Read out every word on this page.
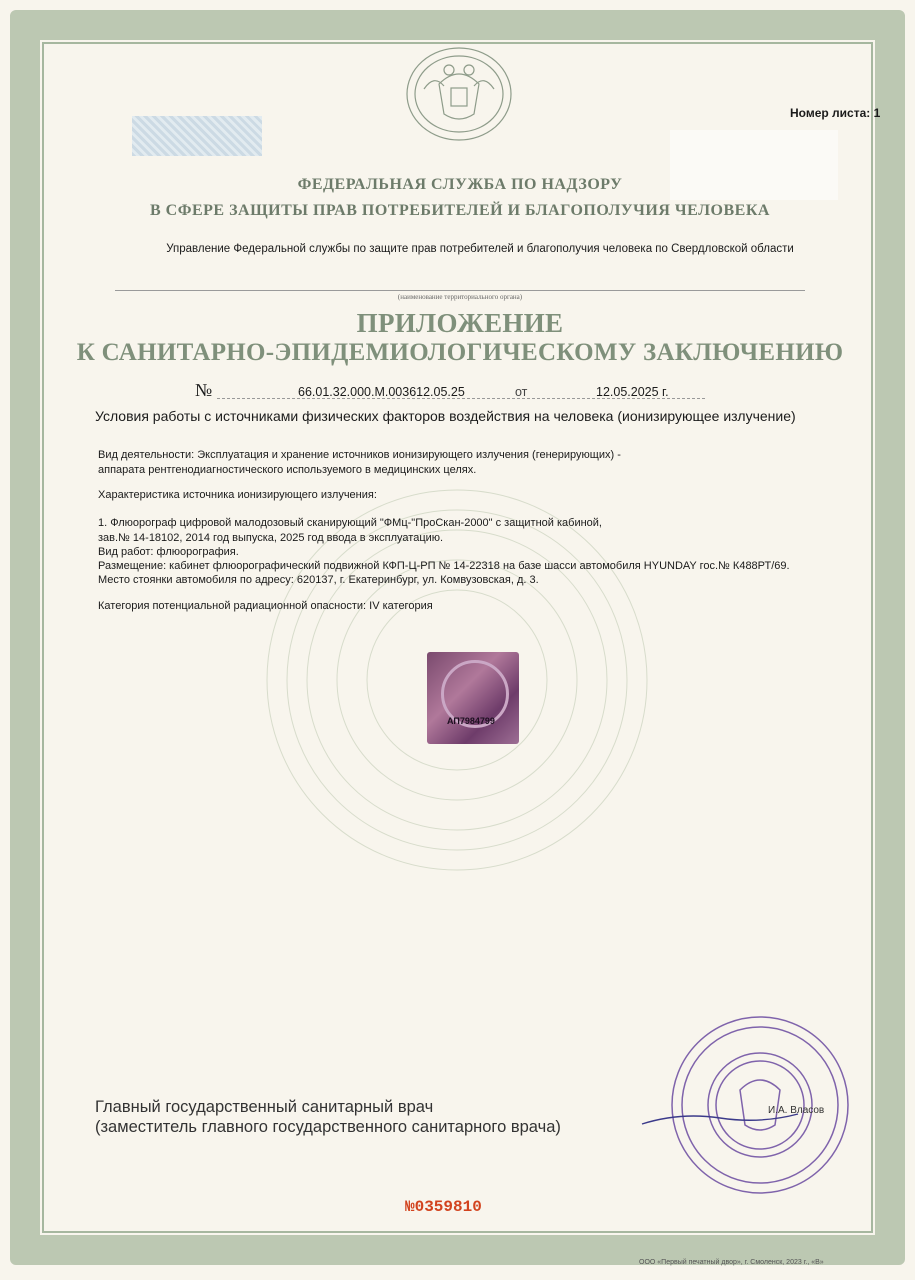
Номер листа: 1
ФЕДЕРАЛЬНАЯ СЛУЖБА ПО НАДЗОРУ
В СФЕРЕ ЗАЩИТЫ ПРАВ ПОТРЕБИТЕЛЕЙ И БЛАГОПОЛУЧИЯ ЧЕЛОВЕКА
Управление Федеральной службы по защите прав потребителей и благополучия человека по Свердловской области
(наименование территориального органа)
ПРИЛОЖЕНИЕ
К САНИТАРНО-ЭПИДЕМИОЛОГИЧЕСКОМУ ЗАКЛЮЧЕНИЮ
№	66.01.32.000.М.003612.05.25	от	12.05.2025 г.
Условия работы с источниками физических факторов воздействия на человека (ионизирующее излучение)
Вид деятельности: Эксплуатация и хранение источников ионизирующего излучения (генерирующих) -
аппарата рентгенодиагностического используемого в медицинских целях.
Характеристика источника ионизирующего излучения:
1. Флюорограф цифровой малодозовый сканирующий "ФМц-"ПроСкан-2000" с защитной кабиной,
зав.№ 14-18102, 2014 год выпуска, 2025 год ввода в эксплуатацию.
Вид работ: флюорография.
Размещение: кабинет флюорографический подвижной КФП-Ц-РП № 14-22318 на базе шасси автомобиля HYUNDAY гос.№ К488РТ/69.
Место стоянки автомобиля по адресу: 620137, г. Екатеринбург, ул. Комвузовская, д. 3.
Категория потенциальной радиационной опасности: IV категория
АП7984799
Главный государственный санитарный врач
(заместитель главного государственного санитарного врача)
И.А. Власов
№0359810
ООО «Первый печатный двор», г. Смоленск, 2023 г., «В»
